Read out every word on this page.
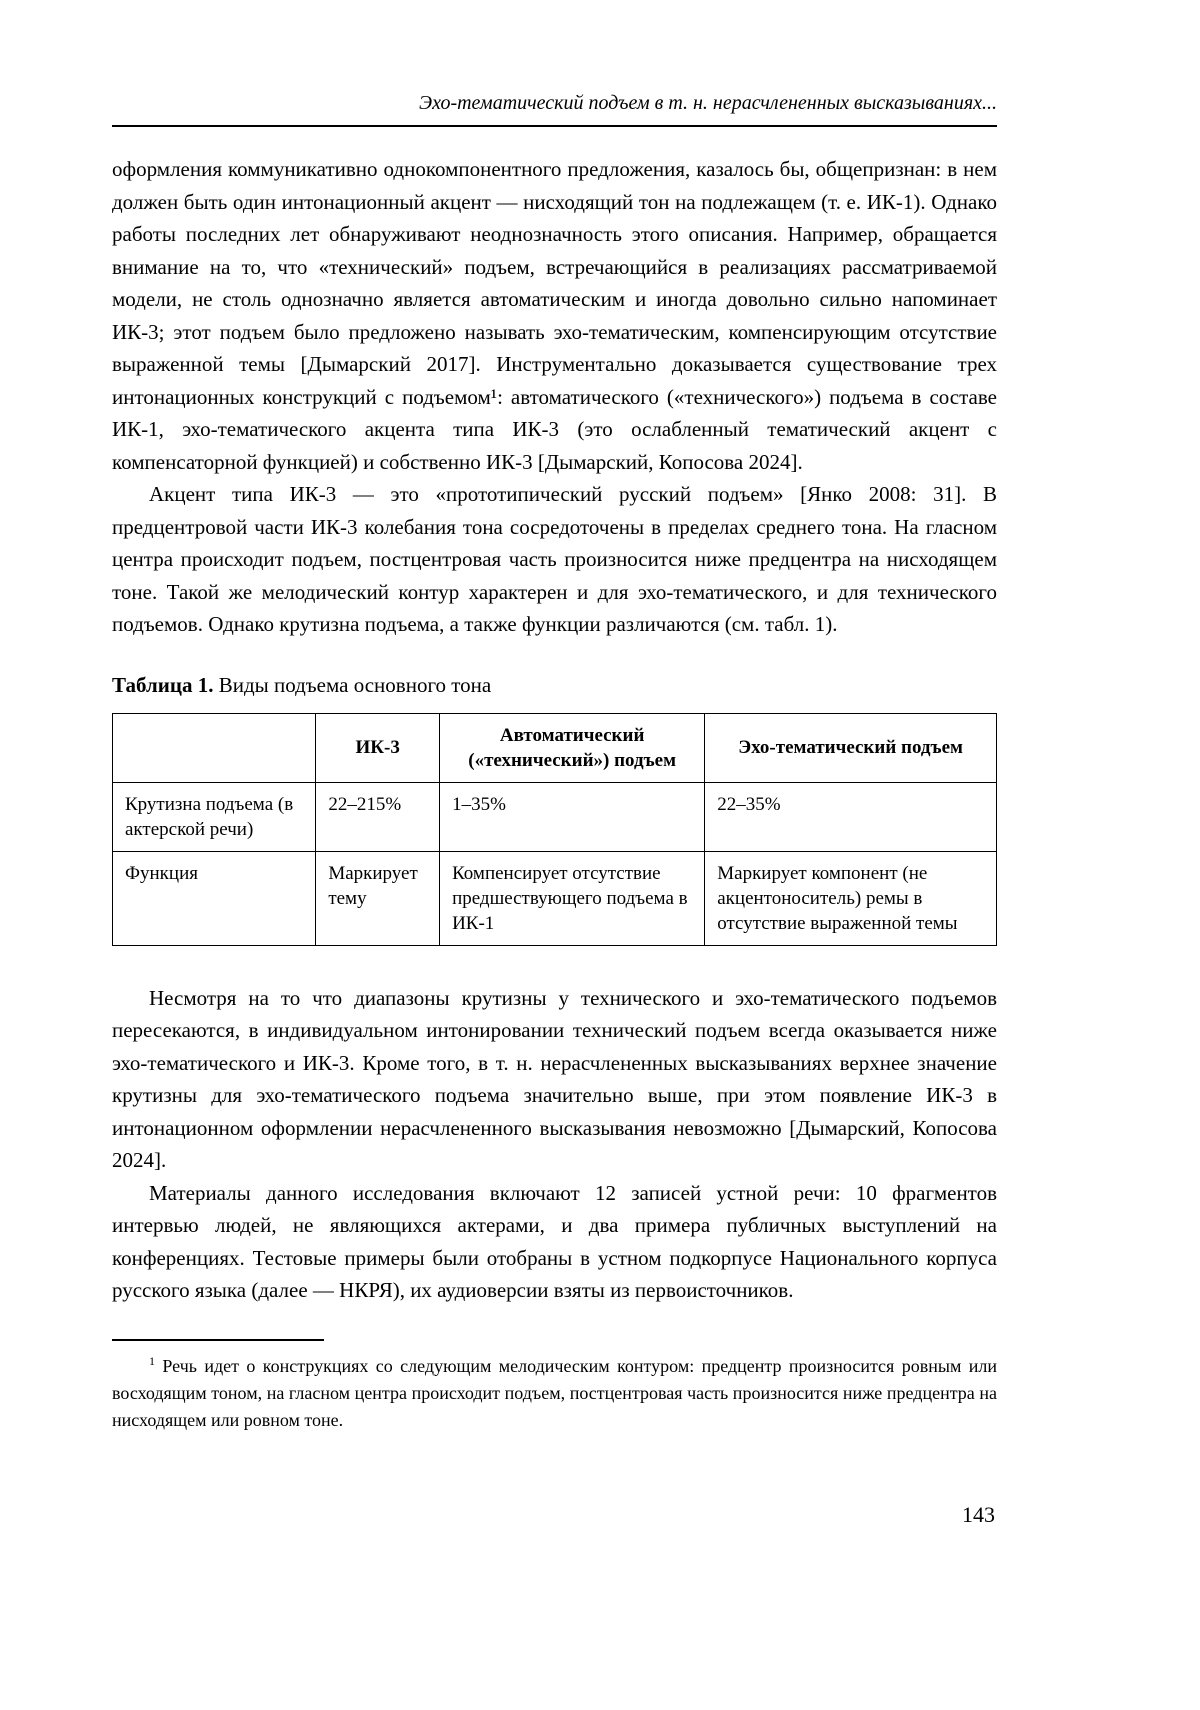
Эхо-тематический подъем в т. н. нерасчлененных высказываниях...

оформления коммуникативно однокомпонентного предложения, казалось бы, общепризнан: в нем должен быть один интонационный акцент — нисходящий тон на подлежащем (т. е. ИК-1). Однако работы последних лет обнаруживают неоднозначность этого описания. Например, обращается внимание на то, что «технический» подъем, встречающийся в реализациях рассматриваемой модели, не столь однозначно является автоматическим и иногда довольно сильно напоминает ИК-3; этот подъем было предложено называть эхо-тематическим, компенсирующим отсутствие выраженной темы [Дымарский 2017]. Инструментально доказывается существование трех интонационных конструкций с подъемом¹: автоматического («технического») подъема в составе ИК-1, эхо-тематического акцента типа ИК-3 (это ослабленный тематический акцент с компенсаторной функцией) и собственно ИК-3 [Дымарский, Копосова 2024].

Акцент типа ИК-3 — это «прототипический русский подъем» [Янко 2008: 31]. В предцентровой части ИК-3 колебания тона сосредоточены в пределах среднего тона. На гласном центра происходит подъем, постцентровая часть произносится ниже предцентра на нисходящем тоне. Такой же мелодический контур характерен и для эхо-тематического, и для технического подъемов. Однако крутизна подъема, а также функции различаются (см. табл. 1).

Таблица 1. Виды подъема основного тона
	ИК-3	Автоматический («технический») подъем	Эхо-тематический подъем
Крутизна подъема (в актерской речи)	22–215%	1–35%	22–35%
Функция	Маркирует тему	Компенсирует отсутствие предшествующего подъема в ИК-1	Маркирует компонент (не акцентоноситель) ремы в отсутствие выраженной темы

Несмотря на то что диапазоны крутизны у технического и эхо-тематического подъемов пересекаются, в индивидуальном интонировании технический подъем всегда оказывается ниже эхо-тематического и ИК-3. Кроме того, в т. н. нерасчлененных высказываниях верхнее значение крутизны для эхо-тематического подъема значительно выше, при этом появление ИК-3 в интонационном оформлении нерасчлененного высказывания невозможно [Дымарский, Копосова 2024].

Материалы данного исследования включают 12 записей устной речи: 10 фрагментов интервью людей, не являющихся актерами, и два примера публичных выступлений на конференциях. Тестовые примеры были отобраны в устном подкорпусе Национального корпуса русского языка (далее — НКРЯ), их аудиоверсии взяты из первоисточников.

$^1$ Речь идет о конструкциях со следующим мелодическим контуром: предцентр произносится ровным или восходящим тоном, на гласном центра происходит подъем, постцентровая часть произносится ниже предцентра на нисходящем или ровном тоне.

143
